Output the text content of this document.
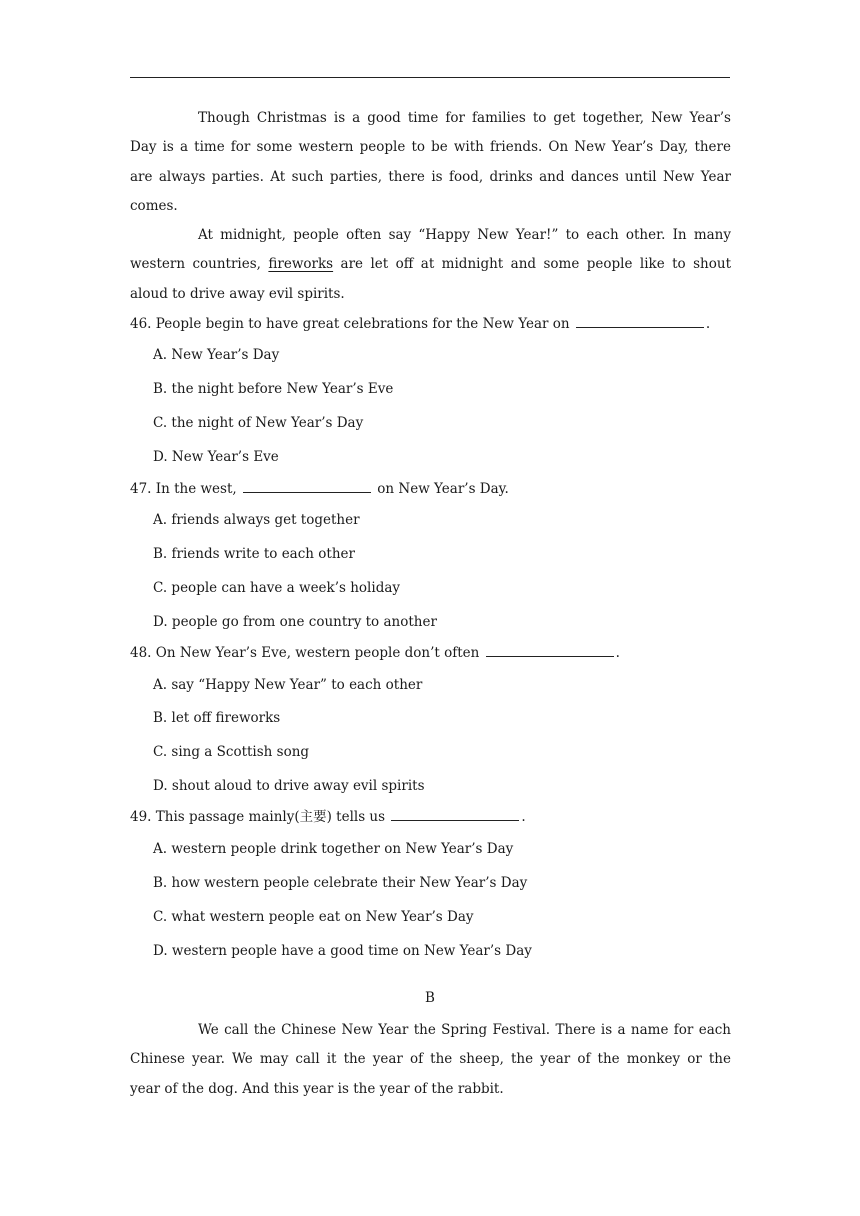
Though Christmas is a good time for families to get together, New Year’s
Day is a time for some western people to be with friends. On New Year’s Day, there
are always parties. At such parties, there is food, drinks and dances until New Year
comes.
At midnight, people often say “Happy New Year!” to each other. In many
western countries, fireworks are let off at midnight and some people like to shout
aloud to drive away evil spirits.
46. People begin to have great celebrations for the New Year on	.
A. New Year’s Day
B. the night before New Year’s Eve
C. the night of New Year’s Day
D. New Year’s Eve
47. In the west,	on New Year’s Day.
A. friends always get together
B. friends write to each other
C. people can have a week’s holiday
D. people go from one country to another
48. On New Year’s Eve, western people don’t often	.
A. say “Happy New Year” to each other
B. let off fireworks
C. sing a Scottish song
D. shout aloud to drive away evil spirits
49. This passage mainly(主要) tells us	.
A. western people drink together on New Year’s Day
B. how western people celebrate their New Year’s Day
C. what western people eat on New Year’s Day
D. western people have a good time on New Year’s Day
B
We call the Chinese New Year the Spring Festival. There is a name for each
Chinese year. We may call it the year of the sheep, the year of the monkey or the
year of the dog. And this year is the year of the rabbit.
